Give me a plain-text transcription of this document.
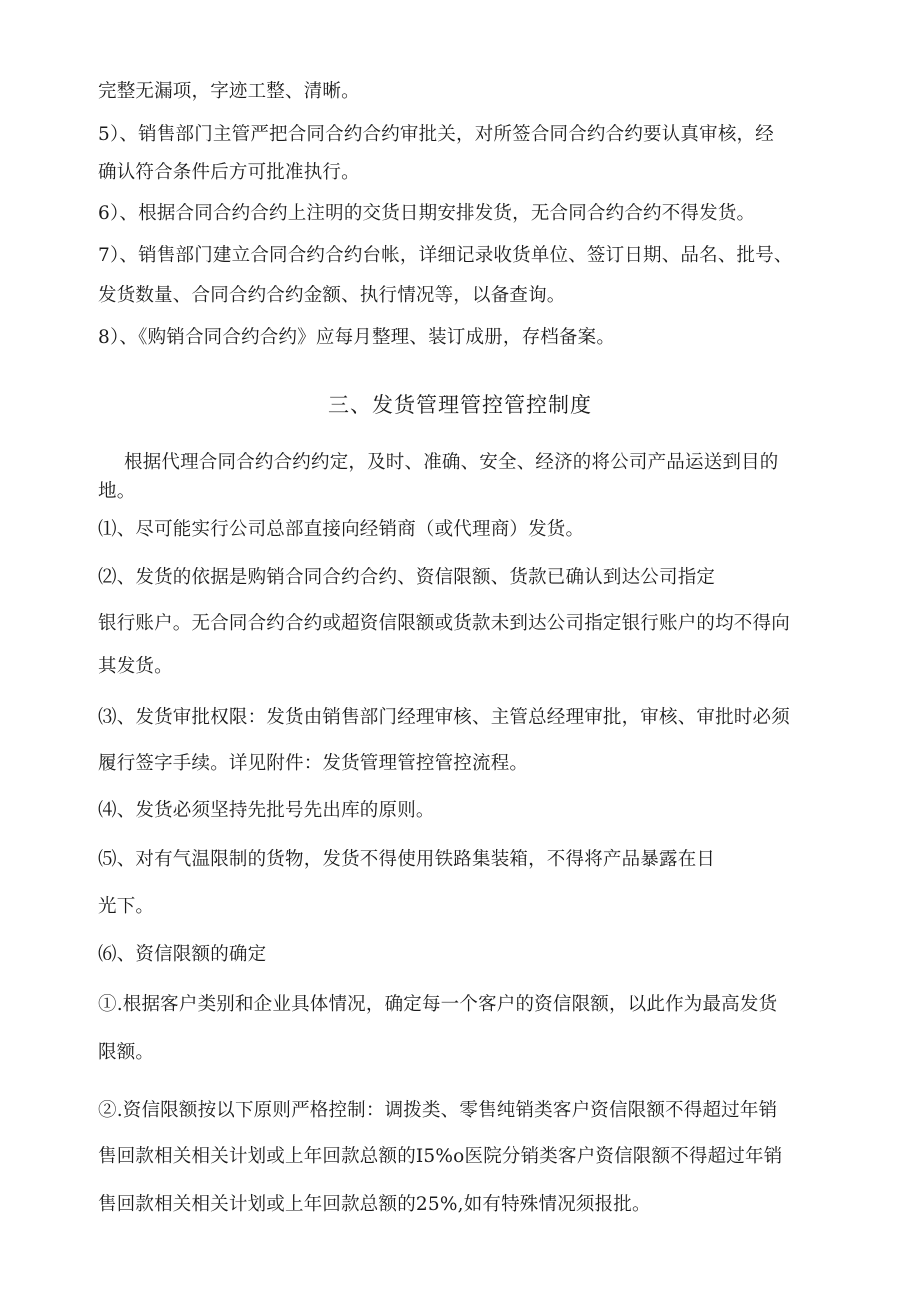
完整无漏项，字迹工整、清晰。
5）、销售部门主管严把合同合约合约审批关，对所签合同合约合约要认真审核，经
确认符合条件后方可批准执行。
6）、根据合同合约合约上注明的交货日期安排发货，无合同合约合约不得发货。
7）、销售部门建立合同合约合约台帐，详细记录收货单位、签订日期、品名、批号、
发货数量、合同合约合约金额、执行情况等，以备查询。
8）、《购销合同合约合约》应每月整理、装订成册，存档备案。
三、发货管理管控管控制度
根据代理合同合约合约约定，及时、准确、安全、经济的将公司产品运送到目的
地。
⑴、尽可能实行公司总部直接向经销商（或代理商）发货。
⑵、发货的依据是购销合同合约合约、资信限额、货款已确认到达公司指定
银行账户。无合同合约合约或超资信限额或货款未到达公司指定银行账户的均不得向
其发货。
⑶、发货审批权限：发货由销售部门经理审核、主管总经理审批，审核、审批时必须
履行签字手续。详见附件：发货管理管控管控流程。
⑷、发货必须坚持先批号先出库的原则。
⑸、对有气温限制的货物，发货不得使用铁路集装箱，不得将产品暴露在日
光下。
⑹、资信限额的确定
①.根据客户类别和企业具体情况，确定每一个客户的资信限额，以此作为最高发货
限额。
②.资信限额按以下原则严格控制：调拨类、零售纯销类客户资信限额不得超过年销
售回款相关相关计划或上年回款总额的I5%o医院分销类客户资信限额不得超过年销
售回款相关相关计划或上年回款总额的25%,如有特殊情况须报批。
